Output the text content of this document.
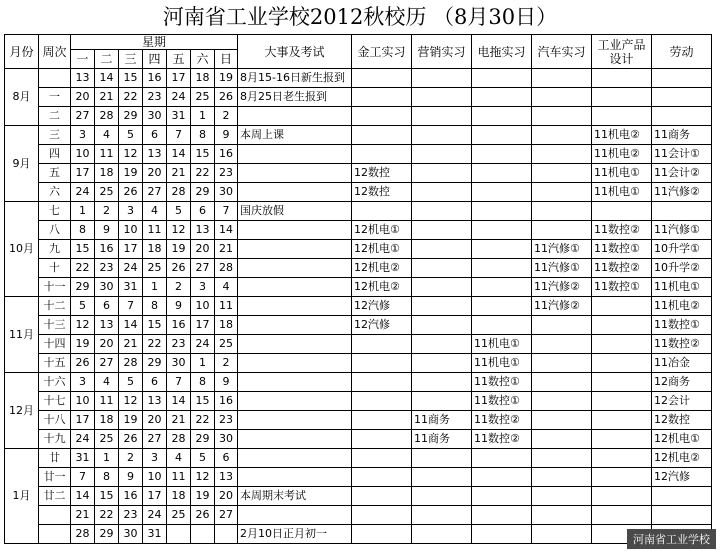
河南省工业学校2012秋校历 （8月30日）
月份	周次	星期							大事及考试	金工实习	营销实习	电拖实习	汽车实习	工业产品设计	劳动
		一	二	三	四	五	六	日							
8月		13	14	15	16	17	18	19	8月15-16日新生报到						
	一	20	21	22	23	24	25	26	8月25日老生报到						
	二	27	28	29	30	31	1	2							
9月	三	3	4	5	6	7	8	9	本周上课					11机电②	11商务
	四	10	11	12	13	14	15	16						11机电②	11会计①
	五	17	18	19	20	21	22	23		12数控				11机电①	11会计②
	六	24	25	26	27	28	29	30		12数控				11机电①	11汽修②
10月	七	1	2	3	4	5	6	7	国庆放假						
	八	8	9	10	11	12	13	14		12机电①				11数控②	11汽修①
	九	15	16	17	18	19	20	21		12机电①			11汽修①	11数控①	10升学①
	十	22	23	24	25	26	27	28		12机电②			11汽修①	11数控②	10升学②
	十一	29	30	31	1	2	3	4		12机电②			11汽修②	11数控①	11机电①
11月	十二	5	6	7	8	9	10	11		12汽修			11汽修②		11机电②
	十三	12	13	14	15	16	17	18		12汽修					11数控①
	十四	19	20	21	22	23	24	25				11机电①			11数控②
	十五	26	27	28	29	30	1	2				11机电①			11冶金
12月	十六	3	4	5	6	7	8	9				11数控①			12商务
	十七	10	11	12	13	14	15	16				11数控①			12会计
	十八	17	18	19	20	21	22	23			11商务	11数控②			12数控
	十九	24	25	26	27	28	29	30			11商务	11数控②			12机电①
1月	廿	31	1	2	3	4	5	6							12机电②
	廿一	7	8	9	10	11	12	13							12汽修
	廿二	14	15	16	17	18	19	20	本周期末考试						
		21	22	23	24	25	26	27							
		28	29	30	31				2月10日正月初一							河南省工业学校
